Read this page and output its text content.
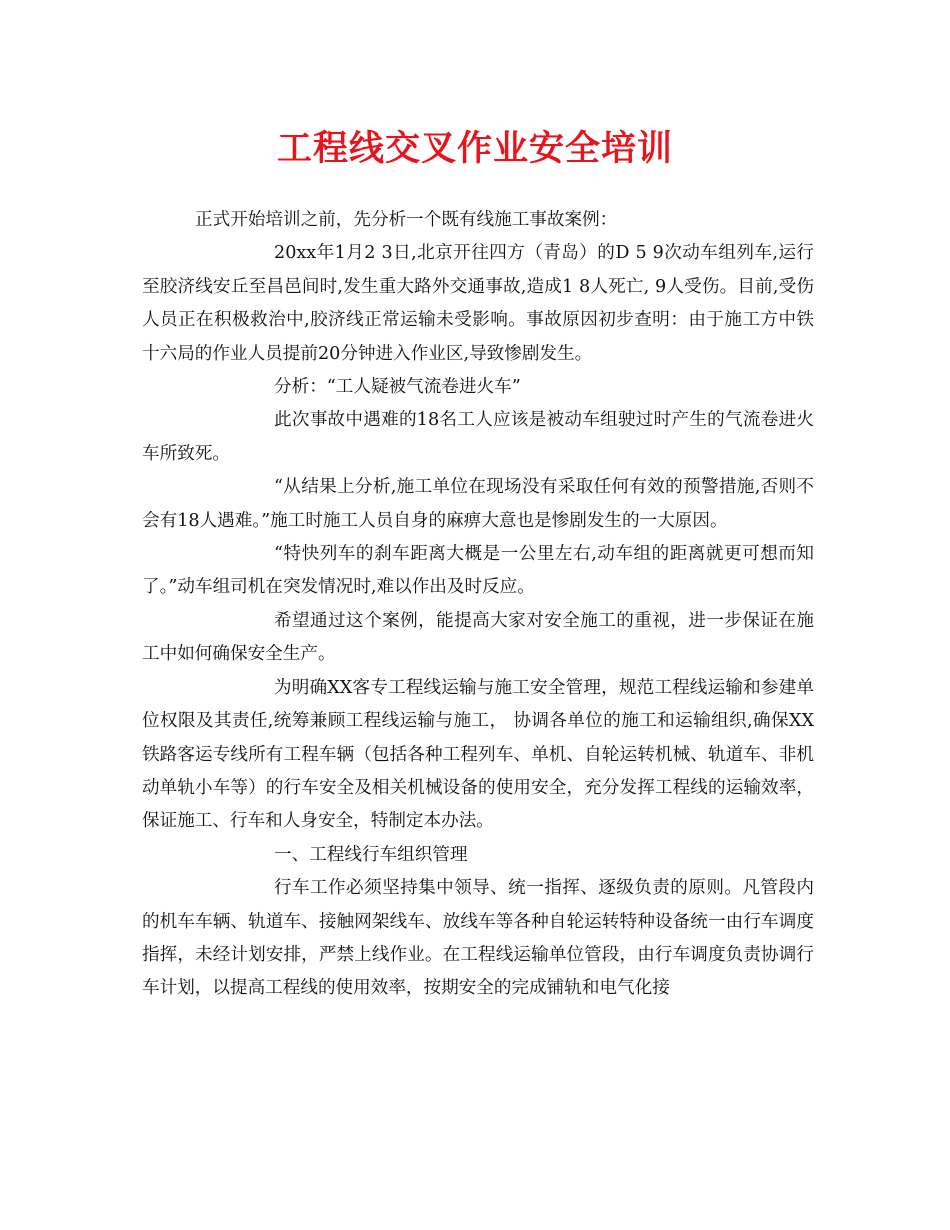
工程线交叉作业安全培训

正式开始培训之前，先分析一个既有线施工事故案例：

20xx年1月2 3日,北京开往四方（青岛）的D 5 9次动车组列车,运行至胶济线安丘至昌邑间时,发生重大路外交通事故,造成1 8人死亡, 9人受伤。目前,受伤人员正在积极救治中,胶济线正常运输未受影响。事故原因初步查明：由于施工方中铁十六局的作业人员提前20分钟进入作业区,导致惨剧发生。

分析：“工人疑被气流卷进火车”

此次事故中遇难的18名工人应该是被动车组驶过时产生的气流卷进火车所致死。

“从结果上分析,施工单位在现场没有采取任何有效的预警措施,否则不会有18人遇难。”施工时施工人员自身的麻痹大意也是惨剧发生的一大原因。

“特快列车的刹车距离大概是一公里左右,动车组的距离就更可想而知了。”动车组司机在突发情况时,难以作出及时反应。

希望通过这个案例，能提高大家对安全施工的重视，进一步保证在施工中如何确保安全生产。

为明确XX客专工程线运输与施工安全管理，规范工程线运输和参建单位权限及其责任,统筹兼顾工程线运输与施工， 协调各单位的施工和运输组织,确保XX铁路客运专线所有工程车辆（包括各种工程列车、单机、自轮运转机械、轨道车、非机动单轨小车等）的行车安全及相关机械设备的使用安全，充分发挥工程线的运输效率，保证施工、行车和人身安全，特制定本办法。

一、工程线行车组织管理

行车工作必须坚持集中领导、统一指挥、逐级负责的原则。凡管段内的机车车辆、轨道车、接触网架线车、放线车等各种自轮运转特种设备统一由行车调度指挥，未经计划安排，严禁上线作业。在工程线运输单位管段，由行车调度负责协调行车计划，以提高工程线的使用效率，按期安全的完成铺轨和电气化接
